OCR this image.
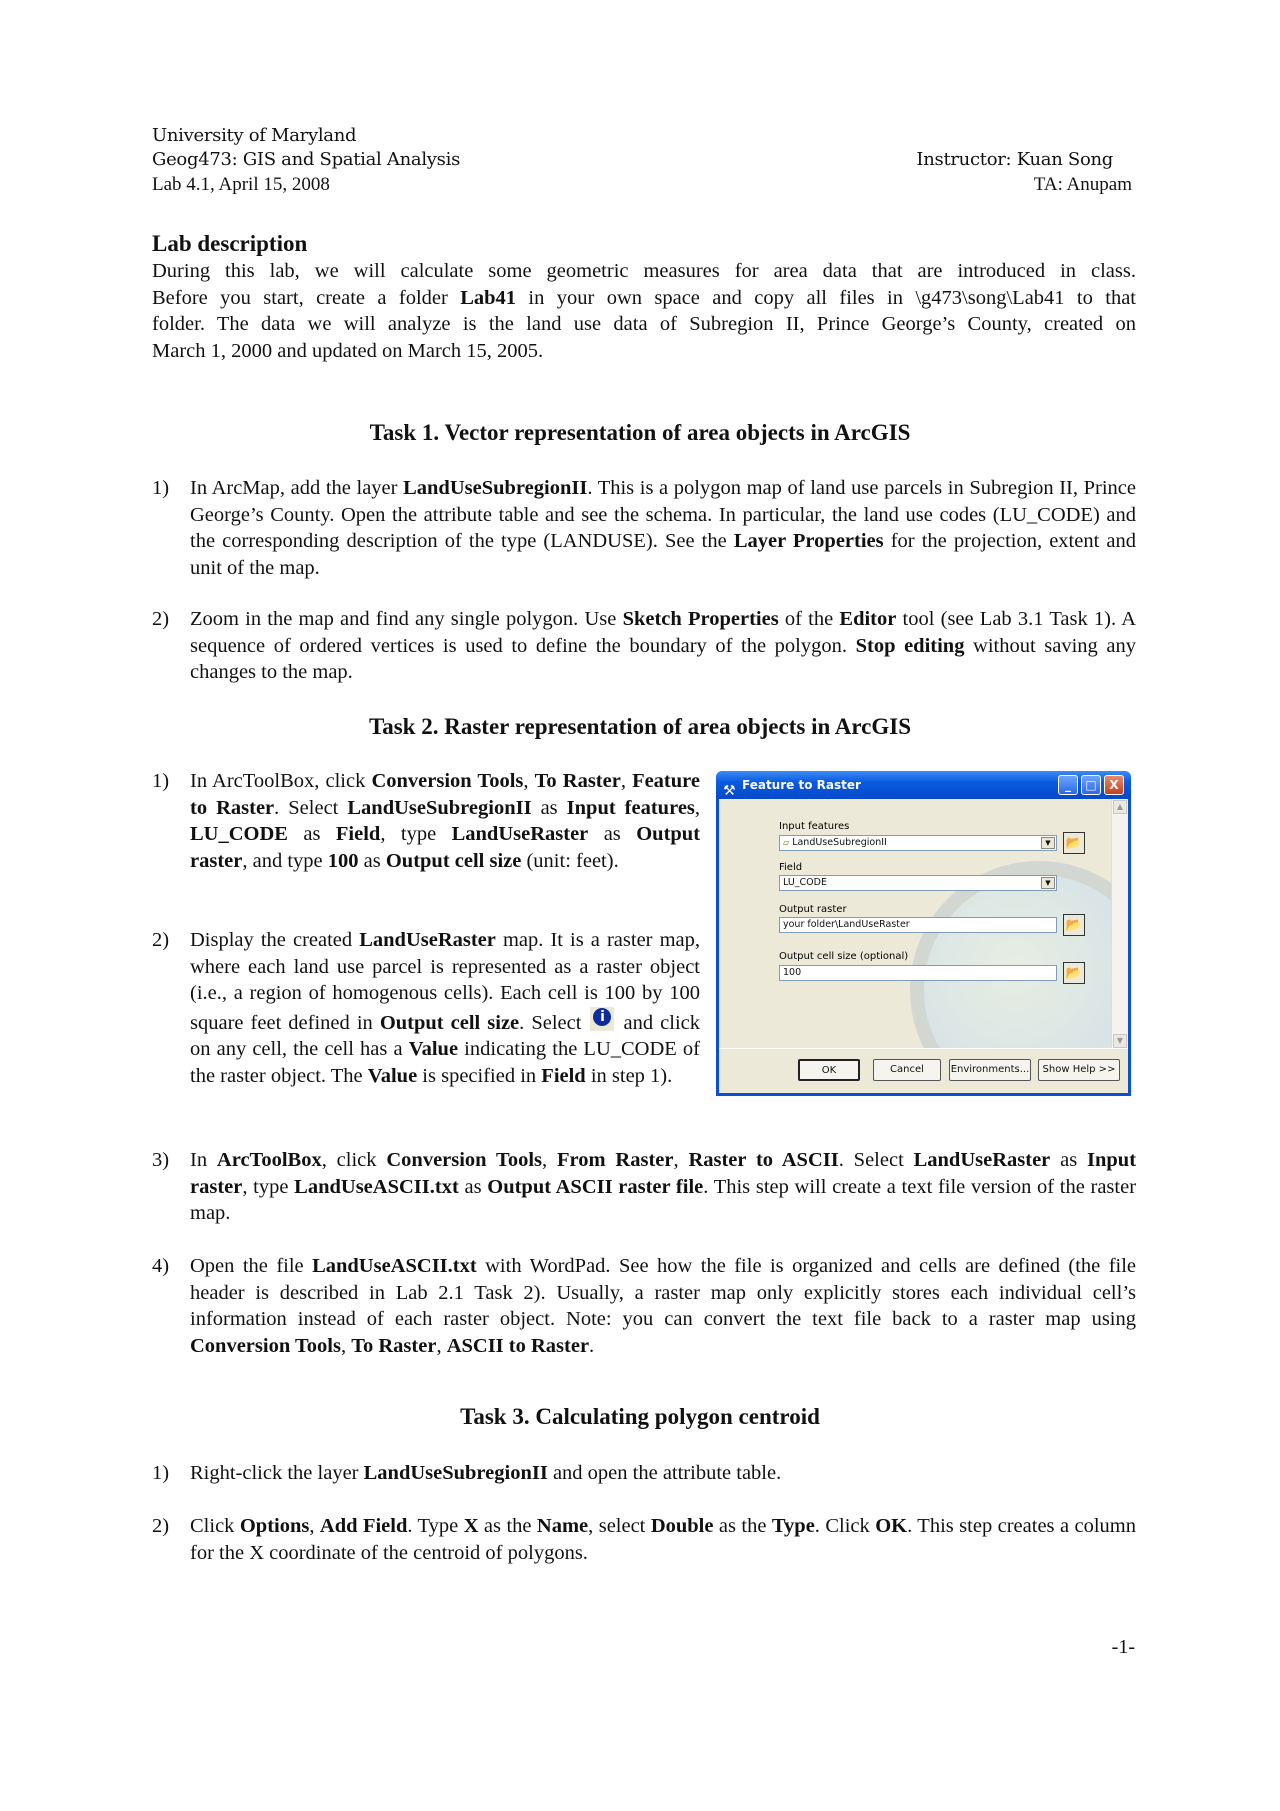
University of Maryland
Geog473: GIS and Spatial Analysis
Lab 4.1, April 15, 2008
Instructor: Kuan Song
TA: Anupam
Lab description
During this lab, we will calculate some geometric measures for area data that are introduced in class.
Before you start, create a folder Lab41 in your own space and copy all files in \g473\song\Lab41 to that
folder. The data we will analyze is the land use data of Subregion II, Prince George’s County, created on
March 1, 2000 and updated on March 15, 2005.
Task 1. Vector representation of area objects in ArcGIS
1) In ArcMap, add the layer LandUseSubregionII. This is a polygon map of land use parcels in Subregion II, Prince George’s County. Open the attribute table and see the schema. In particular, the land use codes (LU_CODE) and the corresponding description of the type (LANDUSE). See the Layer Properties for the projection, extent and unit of the map.
2) Zoom in the map and find any single polygon. Use Sketch Properties of the Editor tool (see Lab 3.1 Task 1). A sequence of ordered vertices is used to define the boundary of the polygon. Stop editing without saving any changes to the map.
Task 2. Raster representation of area objects in ArcGIS
1) In ArcToolBox, click Conversion Tools, To Raster, Feature to Raster. Select LandUseSubregionII as Input features, LU_CODE as Field, type LandUseRaster as Output raster, and type 100 as Output cell size (unit: feet).
2) Display the created LandUseRaster map. It is a raster map, where each land use parcel is represented as a raster object (i.e., a region of homogenous cells). Each cell is 100 by 100 square feet defined in Output cell size. Select i and click on any cell, the cell has a Value indicating the LU_CODE of the raster object. The Value is specified in Field in step 1).
⚒ Feature to Raster	_	□	X
Input features
▱ LandUseSubregionII	▼	📂
Field
LU_CODE	▼
Output raster
your folder\LandUseRaster	📂
Output cell size (optional)
100	📂
▲
▼
OK	Cancel	Environments...	Show Help >>
3) In ArcToolBox, click Conversion Tools, From Raster, Raster to ASCII. Select LandUseRaster as Input raster, type LandUseASCII.txt as Output ASCII raster file. This step will create a text file version of the raster map.
4) Open the file LandUseASCII.txt with WordPad. See how the file is organized and cells are defined (the file header is described in Lab 2.1 Task 2). Usually, a raster map only explicitly stores each individual cell’s information instead of each raster object. Note: you can convert the text file back to a raster map using Conversion Tools, To Raster, ASCII to Raster.
Task 3. Calculating polygon centroid
1) Right-click the layer LandUseSubregionII and open the attribute table.
2) Click Options, Add Field. Type X as the Name, select Double as the Type. Click OK. This step creates a column for the X coordinate of the centroid of polygons.
-1-
